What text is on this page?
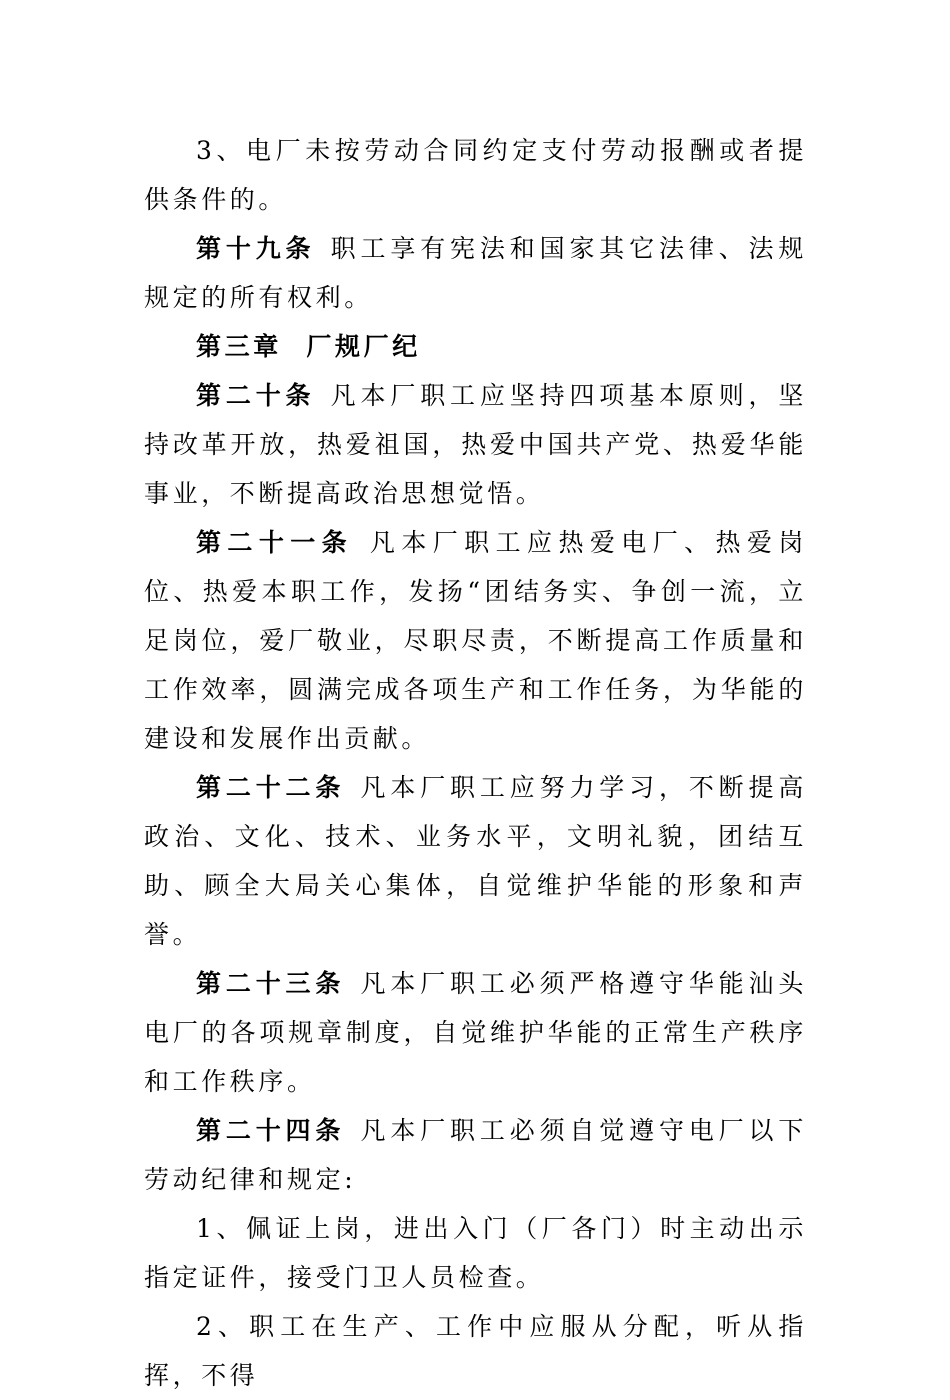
3、电厂未按劳动合同约定支付劳动报酬或者提供条件的。

第十九条 职工享有宪法和国家其它法律、法规规定的所有权利。

第三章  厂规厂纪

第二十条 凡本厂职工应坚持四项基本原则，坚持改革开放，热爱祖国，热爱中国共产党、热爱华能事业，不断提高政治思想觉悟。

第二十一条 凡本厂职工应热爱电厂、热爱岗位、热爱本职工作，发扬“团结务实、争创一流，立足岗位，爱厂敬业，尽职尽责，不断提高工作质量和工作效率，圆满完成各项生产和工作任务，为华能的建设和发展作出贡献。

第二十二条 凡本厂职工应努力学习，不断提高政治、文化、技术、业务水平，文明礼貌，团结互助、顾全大局关心集体，自觉维护华能的形象和声誉。

第二十三条 凡本厂职工必须严格遵守华能汕头电厂的各项规章制度，自觉维护华能的正常生产秩序和工作秩序。

第二十四条 凡本厂职工必须自觉遵守电厂以下劳动纪律和规定:

1、佩证上岗，进出入门（厂各门）时主动出示指定证件，接受门卫人员检查。

2、职工在生产、工作中应服从分配，听从指挥，不得
